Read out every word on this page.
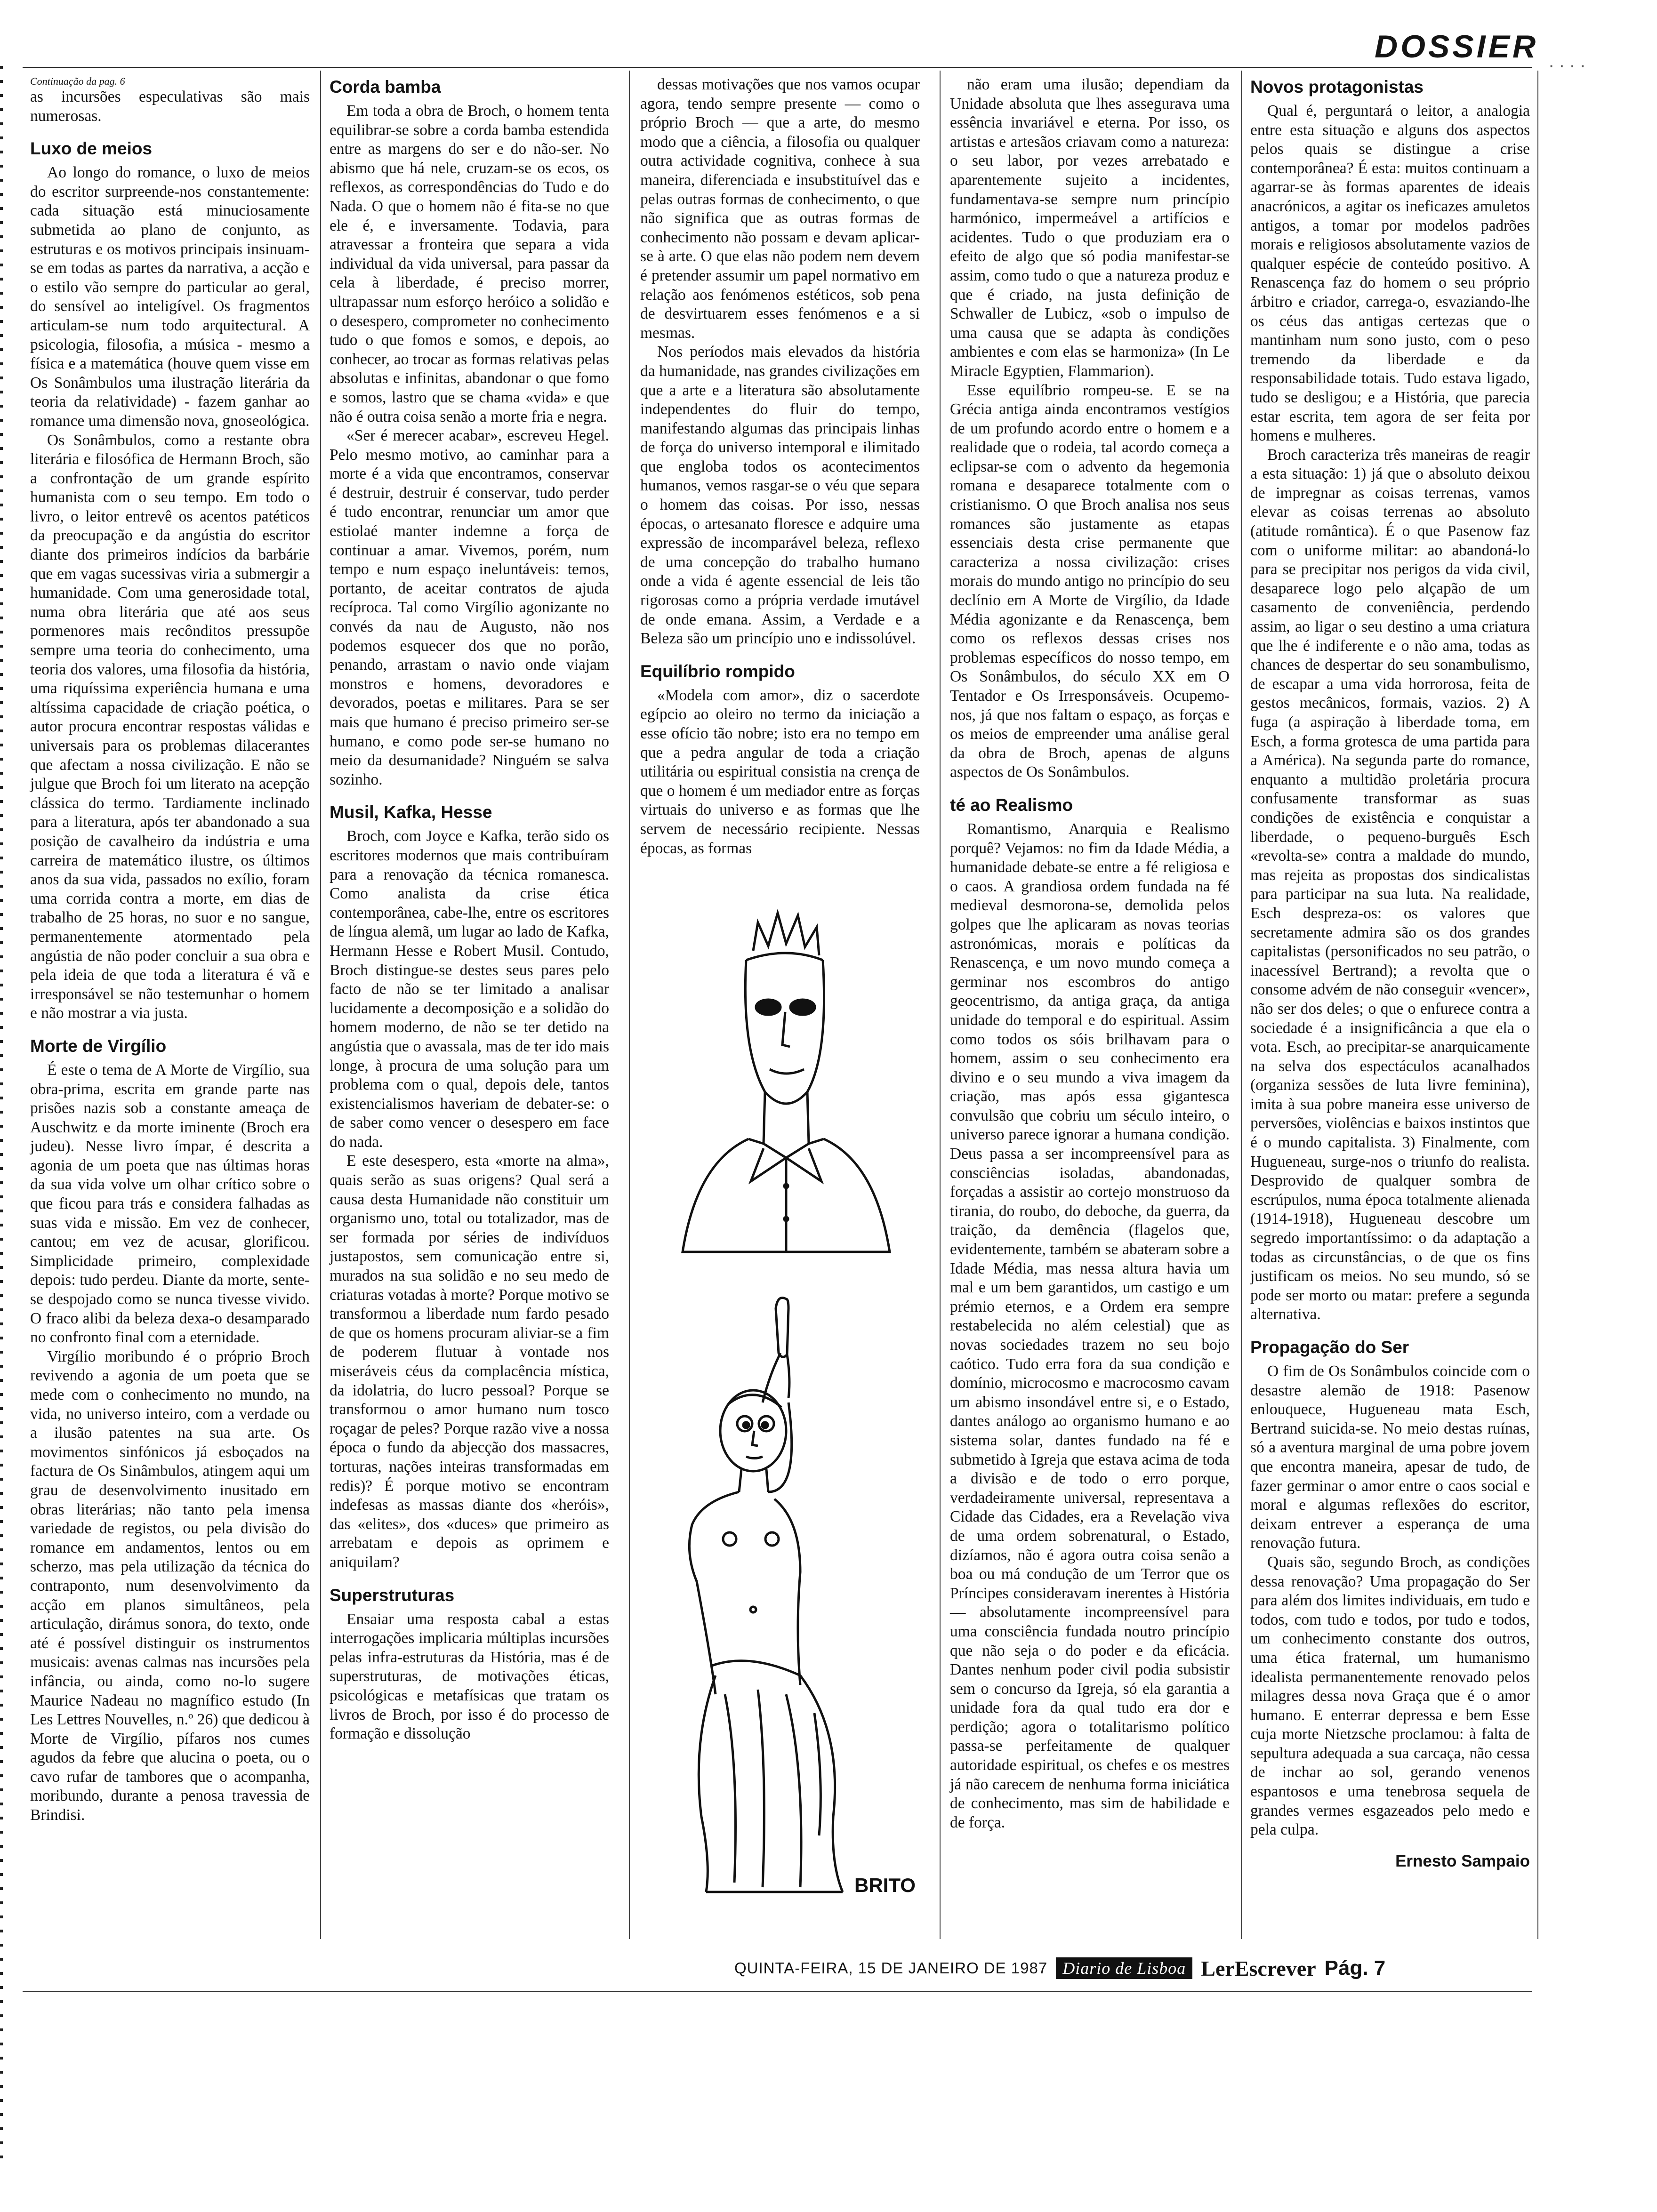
DOSSIER . . . .

Continuação da pag. 6

as incursões especulativas são mais numerosas.

Luxo de meios

Ao longo do romance, o luxo de meios do escritor surpreende-nos constantemente: cada situação está minuciosamente submetida ao plano de conjunto, as estruturas e os motivos principais insinuam-se em todas as partes da narrativa, a acção e o estilo vão sempre do particular ao geral, do sensível ao inteligível. Os fragmentos articulam-se num todo arquitectural. A psicologia, filosofia, a música - mesmo a física e a matemática (houve quem visse em Os Sonâmbulos uma ilustração literária da teoria da relatividade) - fazem ganhar ao romance uma dimensão nova, gnoseológica.

Os Sonâmbulos, como a restante obra literária e filosófica de Hermann Broch, são a confrontação de um grande espírito humanista com o seu tempo. Em todo o livro, o leitor entrevê os acentos patéticos da preocupação e da angústia do escritor diante dos primeiros indícios da barbárie que em vagas sucessivas viria a submergir a humanidade. Com uma generosidade total, numa obra literária que até aos seus pormenores mais recônditos pressupõe sempre uma teoria do conhecimento, uma teoria dos valores, uma filosofia da história, uma riquíssima experiência humana e uma altíssima capacidade de criação poética, o autor procura encontrar respostas válidas e universais para os problemas dilacerantes que afectam a nossa civilização. E não se julgue que Broch foi um literato na acepção clássica do termo. Tardiamente inclinado para a literatura, após ter abandonado a sua posição de cavalheiro da indústria e uma carreira de matemático ilustre, os últimos anos da sua vida, passados no exílio, foram uma corrida contra a morte, em dias de trabalho de 25 horas, no suor e no sangue, permanentemente atormentado pela angústia de não poder concluir a sua obra e pela ideia de que toda a literatura é vã e irresponsável se não testemunhar o homem e não mostrar a via justa.

Morte de Virgílio

É este o tema de A Morte de Virgílio, sua obra-prima, escrita em grande parte nas prisões nazis sob a constante ameaça de Auschwitz e da morte iminente (Broch era judeu). Nesse livro ímpar, é descrita a agonia de um poeta que nas últimas horas da sua vida volve um olhar crítico sobre o que ficou para trás e considera falhadas as suas vida e missão. Em vez de conhecer, cantou; em vez de acusar, glorificou. Simplicidade primeiro, complexidade depois: tudo perdeu. Diante da morte, sente-se despojado como se nunca tivesse vivido. O fraco alibi da beleza dexa-o desamparado no confronto final com a eternidade.

Virgílio moribundo é o próprio Broch revivendo a agonia de um poeta que se mede com o conhecimento no mundo, na vida, no universo inteiro, com a verdade ou a ilusão patentes na sua arte. Os movimentos sinfónicos já esboçados na factura de Os Sinâmbulos, atingem aqui um grau de desenvolvimento inusitado em obras literárias; não tanto pela imensa variedade de registos, ou pela divisão do romance em andamentos, lentos ou em scherzo, mas pela utilização da técnica do contraponto, num desenvolvimento da acção em planos simultâneos, pela articulação, dirámus sonora, do texto, onde até é possível distinguir os instrumentos musicais: avenas calmas nas incursões pela infância, ou ainda, como no-lo sugere Maurice Nadeau no magnífico estudo (In Les Lettres Nouvelles, n.º 26) que dedicou à Morte de Virgílio, pífaros nos cumes agudos da febre que alucina o poeta, ou o cavo rufar de tambores que o acompanha, moribundo, durante a penosa travessia de Brindisi.

Corda bamba

Em toda a obra de Broch, o homem tenta equilibrar-se sobre a corda bamba estendida entre as margens do ser e do não-ser. No abismo que há nele, cruzam-se os ecos, os reflexos, as correspondências do Tudo e do Nada. O que o homem não é fita-se no que ele é, e inversamente. Todavia, para atravessar a fronteira que separa a vida individual da vida universal, para passar da cela à liberdade, é preciso morrer, ultrapassar num esforço heróico a solidão e o desespero, comprometer no conhecimento tudo o que fomos e somos, e depois, ao conhecer, ao trocar as formas relativas pelas absolutas e infinitas, abandonar o que fomo e somos, lastro que se chama «vida» e que não é outra coisa senão a morte fria e negra.

«Ser é merecer acabar», escreveu Hegel. Pelo mesmo motivo, ao caminhar para a morte é a vida que encontramos, conservar é destruir, destruir é conservar, tudo perder é tudo encontrar, renunciar um amor que estiolaé manter indemne a força de continuar a amar. Vivemos, porém, num tempo e num espaço ineluntáveis: temos, portanto, de aceitar contratos de ajuda recíproca. Tal como Virgílio agonizante no convés da nau de Augusto, não nos podemos esquecer dos que no porão, penando, arrastam o navio onde viajam monstros e homens, devoradores e devorados, poetas e militares. Para se ser mais que humano é preciso primeiro ser-se humano, e como pode ser-se humano no meio da desumanidade? Ninguém se salva sozinho.

Musil, Kafka, Hesse

Broch, com Joyce e Kafka, terão sido os escritores modernos que mais contribuíram para a renovação da técnica romanesca. Como analista da crise ética contemporânea, cabe-lhe, entre os escritores de língua alemã, um lugar ao lado de Kafka, Hermann Hesse e Robert Musil. Contudo, Broch distingue-se destes seus pares pelo facto de não se ter limitado a analisar lucidamente a decomposição e a solidão do homem moderno, de não se ter detido na angústia que o avassala, mas de ter ido mais longe, à procura de uma solução para um problema com o qual, depois dele, tantos existencialismos haveriam de debater-se: o de saber como vencer o desespero em face do nada.

E este desespero, esta «morte na alma», quais serão as suas origens? Qual será a causa desta Humanidade não constituir um organismo uno, total ou totalizador, mas de ser formada por séries de indivíduos justapostos, sem comunicação entre si, murados na sua solidão e no seu medo de criaturas votadas à morte? Porque motivo se transformou a liberdade num fardo pesado de que os homens procuram aliviar-se a fim de poderem flutuar à vontade nos miseráveis céus da complacência mística, da idolatria, do lucro pessoal? Porque se transformou o amor humano num tosco roçagar de peles? Porque razão vive a nossa época o fundo da abjecção dos massacres, torturas, nações inteiras transformadas em redis)? É porque motivo se encontram indefesas as massas diante dos «heróis», das «elites», dos «duces» que primeiro as arrebatam e depois as oprimem e aniquilam?

Superstruturas

Ensaiar uma resposta cabal a estas interrogações implicaria múltiplas incursões pelas infra-estruturas da História, mas é de superstruturas, de motivações éticas, psicológicas e metafísicas que tratam os livros de Broch, por isso é do processo de formação e dissolução

dessas motivações que nos vamos ocupar agora, tendo sempre presente — como o próprio Broch — que a arte, do mesmo modo que a ciência, a filosofia ou qualquer outra actividade cognitiva, conhece à sua maneira, diferenciada e insubstituível das e pelas outras formas de conhecimento, o que não significa que as outras formas de conhecimento não possam e devam aplicar-se à arte. O que elas não podem nem devem é pretender assumir um papel normativo em relação aos fenómenos estéticos, sob pena de desvirtuarem esses fenómenos e a si mesmas.

Nos períodos mais elevados da história da humanidade, nas grandes civilizações em que a arte e a literatura são absolutamente independentes do fluir do tempo, manifestando algumas das principais linhas de força do universo intemporal e ilimitado que engloba todos os acontecimentos humanos, vemos rasgar-se o véu que separa o homem das coisas. Por isso, nessas épocas, o artesanato floresce e adquire uma expressão de incomparável beleza, reflexo de uma concepção do trabalho humano onde a vida é agente essencial de leis tão rigorosas como a própria verdade imutável de onde emana. Assim, a Verdade e a Beleza são um princípio uno e indissolúvel.

Equilíbrio rompido

«Modela com amor», diz o sacerdote egípcio ao oleiro no termo da iniciação a esse ofício tão nobre; isto era no tempo em que a pedra angular de toda a criação utilitária ou espiritual consistia na crença de que o homem é um mediador entre as forças virtuais do universo e as formas que lhe servem de necessário recipiente. Nessas épocas, as formas

BRITO

não eram uma ilusão; dependiam da Unidade absoluta que lhes assegurava uma essência invariável e eterna. Por isso, os artistas e artesãos criavam como a natureza: o seu labor, por vezes arrebatado e aparentemente sujeito a incidentes, fundamentava-se sempre num princípio harmónico, impermeável a artifícios e acidentes. Tudo o que produziam era o efeito de algo que só podia manifestar-se assim, como tudo o que a natureza produz e que é criado, na justa definição de Schwaller de Lubicz, «sob o impulso de uma causa que se adapta às condições ambientes e com elas se harmoniza» (In Le Miracle Egyptien, Flammarion).

Esse equilíbrio rompeu-se. E se na Grécia antiga ainda encontramos vestígios de um profundo acordo entre o homem e a realidade que o rodeia, tal acordo começa a eclipsar-se com o advento da hegemonia romana e desaparece totalmente com o cristianismo. O que Broch analisa nos seus romances são justamente as etapas essenciais desta crise permanente que caracteriza a nossa civilização: crises morais do mundo antigo no princípio do seu declínio em A Morte de Virgílio, da Idade Média agonizante e da Renascença, bem como os reflexos dessas crises nos problemas específicos do nosso tempo, em Os Sonâmbulos, do século XX em O Tentador e Os Irresponsáveis. Ocupemo-nos, já que nos faltam o espaço, as forças e os meios de empreender uma análise geral da obra de Broch, apenas de alguns aspectos de Os Sonâmbulos.

té ao Realismo

Romantismo, Anarquia e Realismo porquê? Vejamos: no fim da Idade Média, a humanidade debate-se entre a fé religiosa e o caos. A grandiosa ordem fundada na fé medieval desmorona-se, demolida pelos golpes que lhe aplicaram as novas teorias astronómicas, morais e políticas da Renascença, e um novo mundo começa a germinar nos escombros do antigo geocentrismo, da antiga graça, da antiga unidade do temporal e do espiritual. Assim como todos os sóis brilhavam para o homem, assim o seu conhecimento era divino e o seu mundo a viva imagem da criação, mas após essa gigantesca convulsão que cobriu um século inteiro, o universo parece ignorar a humana condição. Deus passa a ser incompreensível para as consciências isoladas, abandonadas, forçadas a assistir ao cortejo monstruoso da tirania, do roubo, do deboche, da guerra, da traição, da demência (flagelos que, evidentemente, também se abateram sobre a Idade Média, mas nessa altura havia um mal e um bem garantidos, um castigo e um prémio eternos, e a Ordem era sempre restabelecida no além celestial) que as novas sociedades trazem no seu bojo caótico. Tudo erra fora da sua condição e domínio, microcosmo e macrocosmo cavam um abismo insondável entre si, e o Estado, dantes análogo ao organismo humano e ao sistema solar, dantes fundado na fé e submetido à Igreja que estava acima de toda a divisão e de todo o erro porque, verdadeiramente universal, representava a Cidade das Cidades, era a Revelação viva de uma ordem sobrenatural, o Estado, dizíamos, não é agora outra coisa senão a boa ou má condução de um Terror que os Príncipes consideravam inerentes à História — absolutamente incompreensível para uma consciência fundada noutro princípio que não seja o do poder e da eficácia. Dantes nenhum poder civil podia subsistir sem o concurso da Igreja, só ela garantia a unidade fora da qual tudo era dor e perdição; agora o totalitarismo político passa-se perfeitamente de qualquer autoridade espiritual, os chefes e os mestres já não carecem de nenhuma forma iniciática de conhecimento, mas sim de habilidade e de força.

Novos protagonistas

Qual é, perguntará o leitor, a analogia entre esta situação e alguns dos aspectos pelos quais se distingue a crise contemporânea? É esta: muitos continuam a agarrar-se às formas aparentes de ideais anacrónicos, a agitar os ineficazes amuletos antigos, a tomar por modelos padrões morais e religiosos absolutamente vazios de qualquer espécie de conteúdo positivo. A Renascença faz do homem o seu próprio árbitro e criador, carrega-o, esvaziando-lhe os céus das antigas certezas que o mantinham num sono justo, com o peso tremendo da liberdade e da responsabilidade totais. Tudo estava ligado, tudo se desligou; e a História, que parecia estar escrita, tem agora de ser feita por homens e mulheres.

Broch caracteriza três maneiras de reagir a esta situação: 1) já que o absoluto deixou de impregnar as coisas terrenas, vamos elevar as coisas terrenas ao absoluto (atitude romântica). É o que Pasenow faz com o uniforme militar: ao abandoná-lo para se precipitar nos perigos da vida civil, desaparece logo pelo alçapão de um casamento de conveniência, perdendo assim, ao ligar o seu destino a uma criatura que lhe é indiferente e o não ama, todas as chances de despertar do seu sonambulismo, de escapar a uma vida horrorosa, feita de gestos mecânicos, formais, vazios. 2) A fuga (a aspiração à liberdade toma, em Esch, a forma grotesca de uma partida para a América). Na segunda parte do romance, enquanto a multidão proletária procura confusamente transformar as suas condições de existência e conquistar a liberdade, o pequeno-burguês Esch «revolta-se» contra a maldade do mundo, mas rejeita as propostas dos sindicalistas para participar na sua luta. Na realidade, Esch despreza-os: os valores que secretamente admira são os dos grandes capitalistas (personificados no seu patrão, o inacessível Bertrand); a revolta que o consome advém de não conseguir «vencer», não ser dos deles; o que o enfurece contra a sociedade é a insignificância a que ela o vota. Esch, ao precipitar-se anarquicamente na selva dos espectáculos acanalhados (organiza sessões de luta livre feminina), imita à sua pobre maneira esse universo de perversões, violências e baixos instintos que é o mundo capitalista. 3) Finalmente, com Hugueneau, surge-nos o triunfo do realista. Desprovido de qualquer sombra de escrúpulos, numa época totalmente alienada (1914-1918), Hugueneau descobre um segredo importantíssimo: o da adaptação a todas as circunstâncias, o de que os fins justificam os meios. No seu mundo, só se pode ser morto ou matar: prefere a segunda alternativa.

Propagação do Ser

O fim de Os Sonâmbulos coincide com o desastre alemão de 1918: Pasenow enlouquece, Hugueneau mata Esch, Bertrand suicida-se. No meio destas ruínas, só a aventura marginal de uma pobre jovem que encontra maneira, apesar de tudo, de fazer germinar o amor entre o caos social e moral e algumas reflexões do escritor, deixam entrever a esperança de uma renovação futura.

Quais são, segundo Broch, as condições dessa renovação? Uma propagação do Ser para além dos limites individuais, em tudo e todos, com tudo e todos, por tudo e todos, um conhecimento constante dos outros, uma ética fraternal, um humanismo idealista permanentemente renovado pelos milagres dessa nova Graça que é o amor humano. E enterrar depressa e bem Esse cuja morte Nietzsche proclamou: à falta de sepultura adequada a sua carcaça, não cessa de inchar ao sol, gerando venenos espantosos e uma tenebrosa sequela de grandes vermes esgazeados pelo medo e pela culpa.

Ernesto Sampaio
QUINTA-FEIRA, 15 DE JANEIRO DE 1987 Diario de Lisboa LerEscrever Pág. 7
